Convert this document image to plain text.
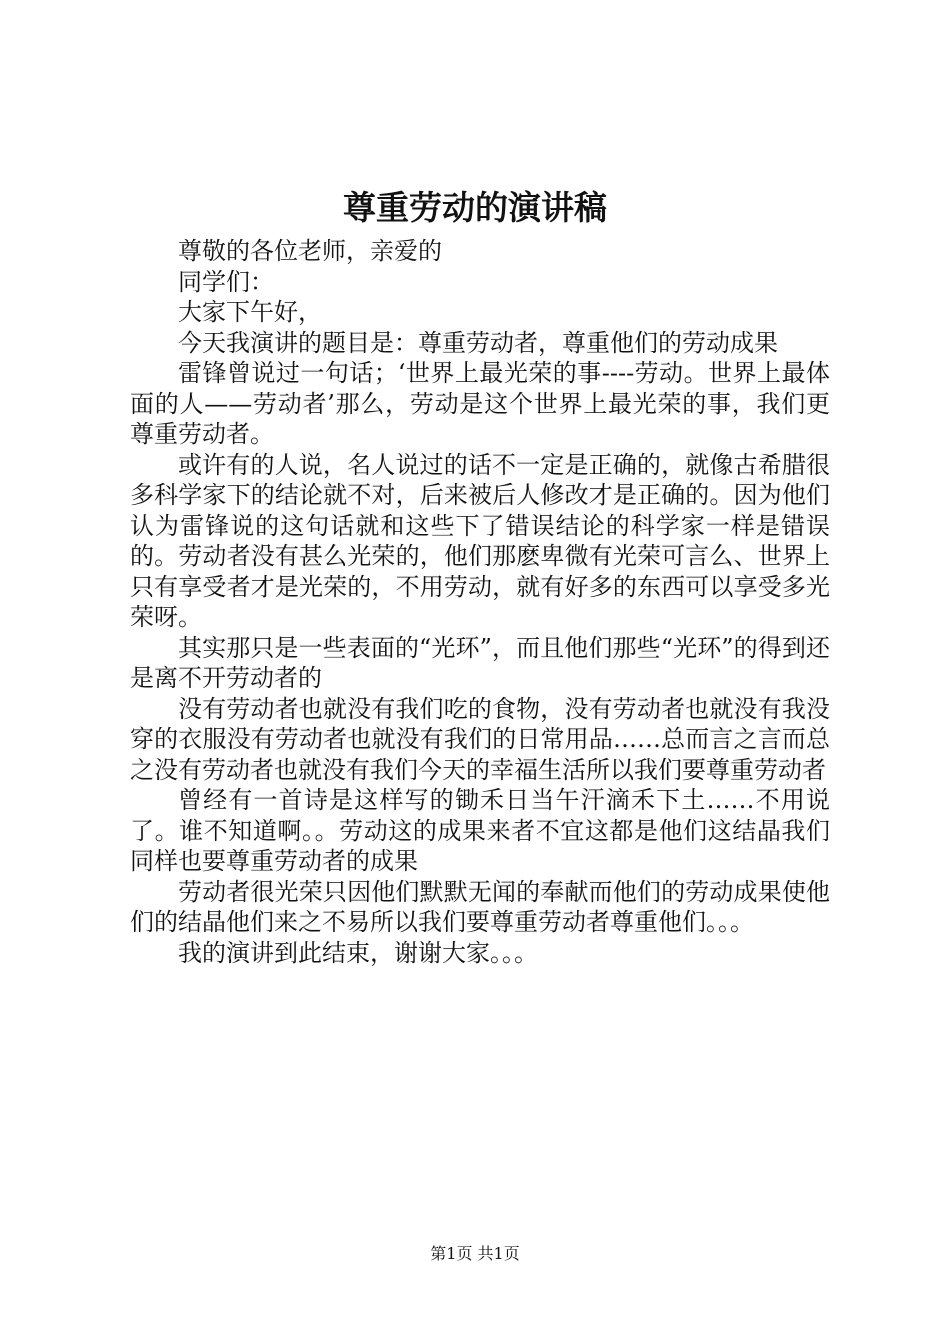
尊重劳动的演讲稿

尊敬的各位老师，亲爱的

同学们：

大家下午好，

今天我演讲的题目是：尊重劳动者，尊重他们的劳动成果

雷锋曾说过一句话；‘世界上最光荣的事----劳动。世界上最体面的人——劳动者’那么，劳动是这个世界上最光荣的事，我们更尊重劳动者。

或许有的人说，名人说过的话不一定是正确的，就像古希腊很多科学家下的结论就不对，后来被后人修改才是正确的。因为他们认为雷锋说的这句话就和这些下了错误结论的科学家一样是错误的。劳动者没有甚么光荣的，他们那麽卑微有光荣可言么、世界上只有享受者才是光荣的，不用劳动，就有好多的东西可以享受多光荣呀。

其实那只是一些表面的“光环”，而且他们那些“光环”的得到还是离不开劳动者的

没有劳动者也就没有我们吃的食物，没有劳动者也就没有我没穿的衣服没有劳动者也就没有我们的日常用品……总而言之言而总之没有劳动者也就没有我们今天的幸福生活所以我们要尊重劳动者

曾经有一首诗是这样写的锄禾日当午汗滴禾下土……不用说了。谁不知道啊。。劳动这的成果来者不宜这都是他们这结晶我们同样也要尊重劳动者的成果

劳动者很光荣只因他们默默无闻的奉献而他们的劳动成果使他们的结晶他们来之不易所以我们要尊重劳动者尊重他们。。。

我的演讲到此结束，谢谢大家。。。

第1页 共1页
